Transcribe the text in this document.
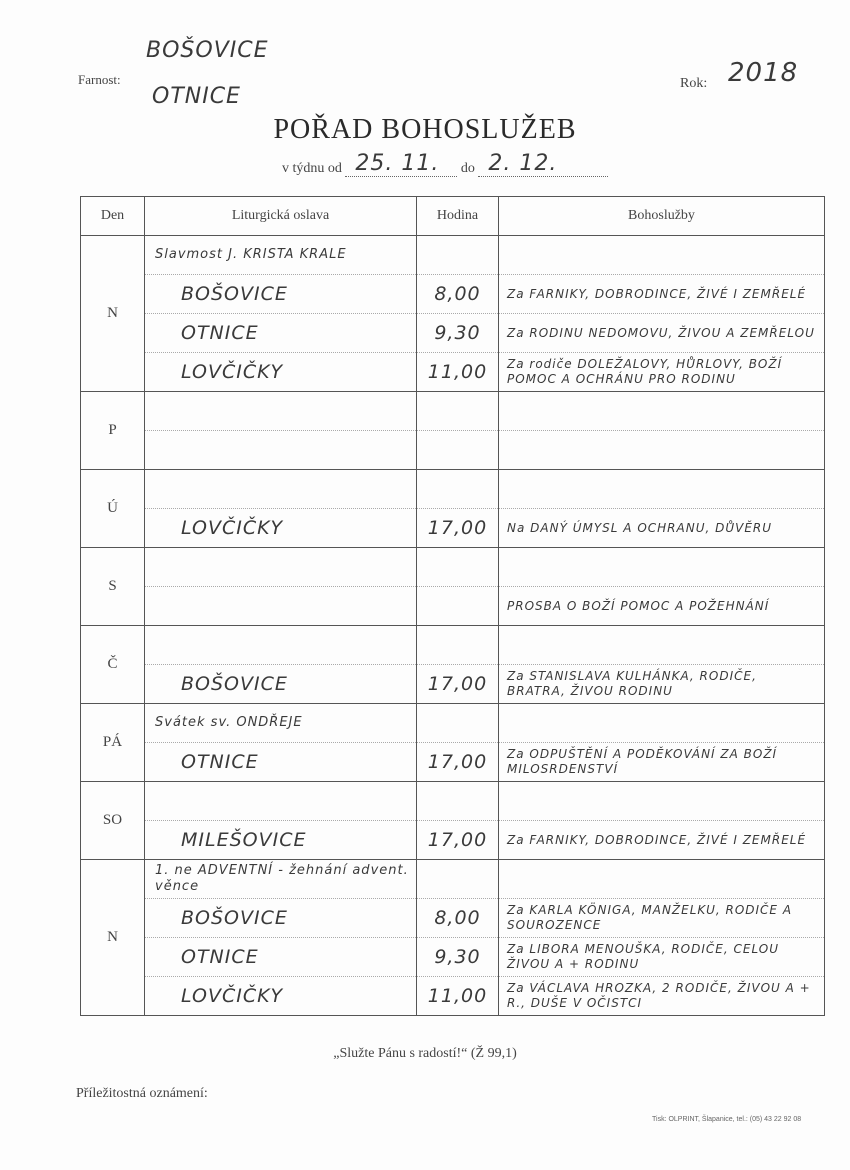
Farnost:
BOŠOVICE
OTNICE
Rok: 2018
POŘAD BOHOSLUŽEB
v týdnu od 25. 11. do 2. 12.
Den	Liturgická oslava	Hodina	Bohoslužby
N	Slavmost J. KRISTA KRALE		
	BOŠOVICE	8,00	Za FARNIKY, DOBRODINCE, ŽIVÉ I ZEMŘELÉ
	OTNICE	9,30	Za RODINU NEDOMOVU, ŽIVOU A ZEMŘELOU
	LOVČIČKY	11,00	Za rodiče DOLEŽALOVY, HŮRLOVY, BOŽÍ POMOC A OCHRÁNU PRO RODINU
P			

Ú			
	LOVČIČKY	17,00	Na DANÝ ÚMYSL A OCHRANU, DŮVĚRU
S			
			PROSBA O BOŽÍ POMOC A POŽEHNÁNÍ
Č			
	BOŠOVICE	17,00	Za STANISLAVA KULHÁNKA, RODIČE, BRATRA, ŽIVOU RODINU
PÁ	Svátek sv. ONDŘEJE		
	OTNICE	17,00	Za ODPUŠTĚNÍ A PODĚKOVÁNÍ ZA BOŽÍ MILOSRDENSTVÍ
SO			
	MILEŠOVICE	17,00	Za FARNIKY, DOBRODINCE, ŽIVÉ I ZEMŘELÉ
N	1. ne ADVENTNÍ - žehnání advent. věnce		
	BOŠOVICE	8,00	Za KARLA KÖNIGA, MANŽELKU, RODIČE A SOUROZENCE
	OTNICE	9,30	Za LIBORA MENOUŠKA, RODIČE, CELOU ŽIVOU A + RODINU
	LOVČIČKY	11,00	Za VÁCLAVA HROZKA, 2 RODIČE, ŽIVOU A + R., DUŠE V OČISTCI
„Služte Pánu s radostí!“ (Ž 99,1)
Příležitostná oznámení:
Tisk: OLPRINT, Šlapanice, tel.: (05) 43 22 92 08
